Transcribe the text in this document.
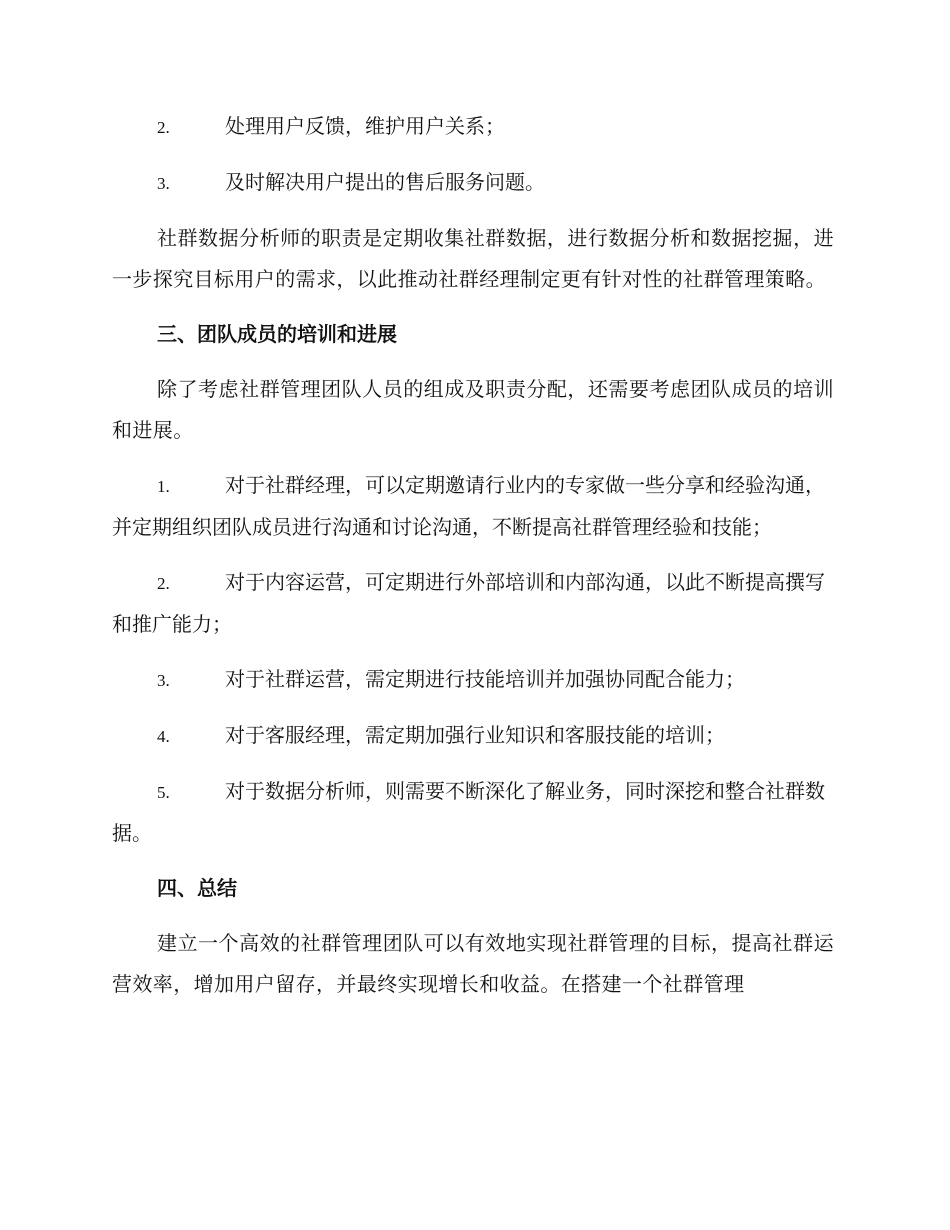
2.	处理用户反馈，维护用户关系；
3.	及时解决用户提出的售后服务问题。

社群数据分析师的职责是定期收集社群数据，进行数据分析和数据挖掘，进一步探究目标用户的需求，以此推动社群经理制定更有针对性的社群管理策略。

三、团队成员的培训和进展

除了考虑社群管理团队人员的组成及职责分配，还需要考虑团队成员的培训和进展。

1.	对于社群经理，可以定期邀请行业内的专家做一些分享和经验沟通，并定期组织团队成员进行沟通和讨论沟通，不断提高社群管理经验和技能；
2.	对于内容运营，可定期进行外部培训和内部沟通，以此不断提高撰写和推广能力；
3.	对于社群运营，需定期进行技能培训并加强协同配合能力；
4.	对于客服经理，需定期加强行业知识和客服技能的培训；
5.	对于数据分析师，则需要不断深化了解业务，同时深挖和整合社群数据。
四、总结

建立一个高效的社群管理团队可以有效地实现社群管理的目标，提高社群运营效率，增加用户留存，并最终实现增长和收益。在搭建一个社群管理
